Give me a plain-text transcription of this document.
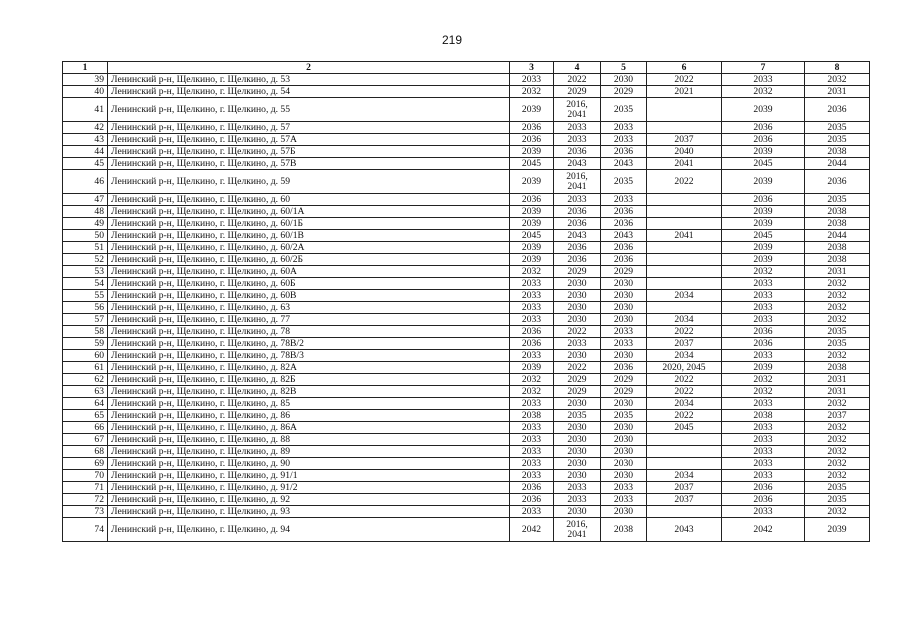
219
1	2	3	4	5	6	7	8
39	Ленинский р-н, Щелкино, г. Щелкино, д. 53	2033	2022	2030	2022	2033	2032
40	Ленинский р-н, Щелкино, г. Щелкино, д. 54	2032	2029	2029	2021	2032	2031
41	Ленинский р-н, Щелкино, г. Щелкино, д. 55	2039	2016, 2041	2035		2039	2036
42	Ленинский р-н, Щелкино, г. Щелкино, д. 57	2036	2033	2033		2036	2035
43	Ленинский р-н, Щелкино, г. Щелкино, д. 57А	2036	2033	2033	2037	2036	2035
44	Ленинский р-н, Щелкино, г. Щелкино, д. 57Б	2039	2036	2036	2040	2039	2038
45	Ленинский р-н, Щелкино, г. Щелкино, д. 57В	2045	2043	2043	2041	2045	2044
46	Ленинский р-н, Щелкино, г. Щелкино, д. 59	2039	2016, 2041	2035	2022	2039	2036
47	Ленинский р-н, Щелкино, г. Щелкино, д. 60	2036	2033	2033		2036	2035
48	Ленинский р-н, Щелкино, г. Щелкино, д. 60/1А	2039	2036	2036		2039	2038
49	Ленинский р-н, Щелкино, г. Щелкино, д. 60/1Б	2039	2036	2036		2039	2038
50	Ленинский р-н, Щелкино, г. Щелкино, д. 60/1В	2045	2043	2043	2041	2045	2044
51	Ленинский р-н, Щелкино, г. Щелкино, д. 60/2А	2039	2036	2036		2039	2038
52	Ленинский р-н, Щелкино, г. Щелкино, д. 60/2Б	2039	2036	2036		2039	2038
53	Ленинский р-н, Щелкино, г. Щелкино, д. 60А	2032	2029	2029		2032	2031
54	Ленинский р-н, Щелкино, г. Щелкино, д. 60Б	2033	2030	2030		2033	2032
55	Ленинский р-н, Щелкино, г. Щелкино, д. 60В	2033	2030	2030	2034	2033	2032
56	Ленинский р-н, Щелкино, г. Щелкино, д. 63	2033	2030	2030		2033	2032
57	Ленинский р-н, Щелкино, г. Щелкино, д. 77	2033	2030	2030	2034	2033	2032
58	Ленинский р-н, Щелкино, г. Щелкино, д. 78	2036	2022	2033	2022	2036	2035
59	Ленинский р-н, Щелкино, г. Щелкино, д. 78В/2	2036	2033	2033	2037	2036	2035
60	Ленинский р-н, Щелкино, г. Щелкино, д. 78В/3	2033	2030	2030	2034	2033	2032
61	Ленинский р-н, Щелкино, г. Щелкино, д. 82А	2039	2022	2036	2020, 2045	2039	2038
62	Ленинский р-н, Щелкино, г. Щелкино, д. 82Б	2032	2029	2029	2022	2032	2031
63	Ленинский р-н, Щелкино, г. Щелкино, д. 82В	2032	2029	2029	2022	2032	2031
64	Ленинский р-н, Щелкино, г. Щелкино, д. 85	2033	2030	2030	2034	2033	2032
65	Ленинский р-н, Щелкино, г. Щелкино, д. 86	2038	2035	2035	2022	2038	2037
66	Ленинский р-н, Щелкино, г. Щелкино, д. 86А	2033	2030	2030	2045	2033	2032
67	Ленинский р-н, Щелкино, г. Щелкино, д. 88	2033	2030	2030		2033	2032
68	Ленинский р-н, Щелкино, г. Щелкино, д. 89	2033	2030	2030		2033	2032
69	Ленинский р-н, Щелкино, г. Щелкино, д. 90	2033	2030	2030		2033	2032
70	Ленинский р-н, Щелкино, г. Щелкино, д. 91/1	2033	2030	2030	2034	2033	2032
71	Ленинский р-н, Щелкино, г. Щелкино, д. 91/2	2036	2033	2033	2037	2036	2035
72	Ленинский р-н, Щелкино, г. Щелкино, д. 92	2036	2033	2033	2037	2036	2035
73	Ленинский р-н, Щелкино, г. Щелкино, д. 93	2033	2030	2030		2033	2032
74	Ленинский р-н, Щелкино, г. Щелкино, д. 94	2042	2016, 2041	2038	2043	2042	2039
